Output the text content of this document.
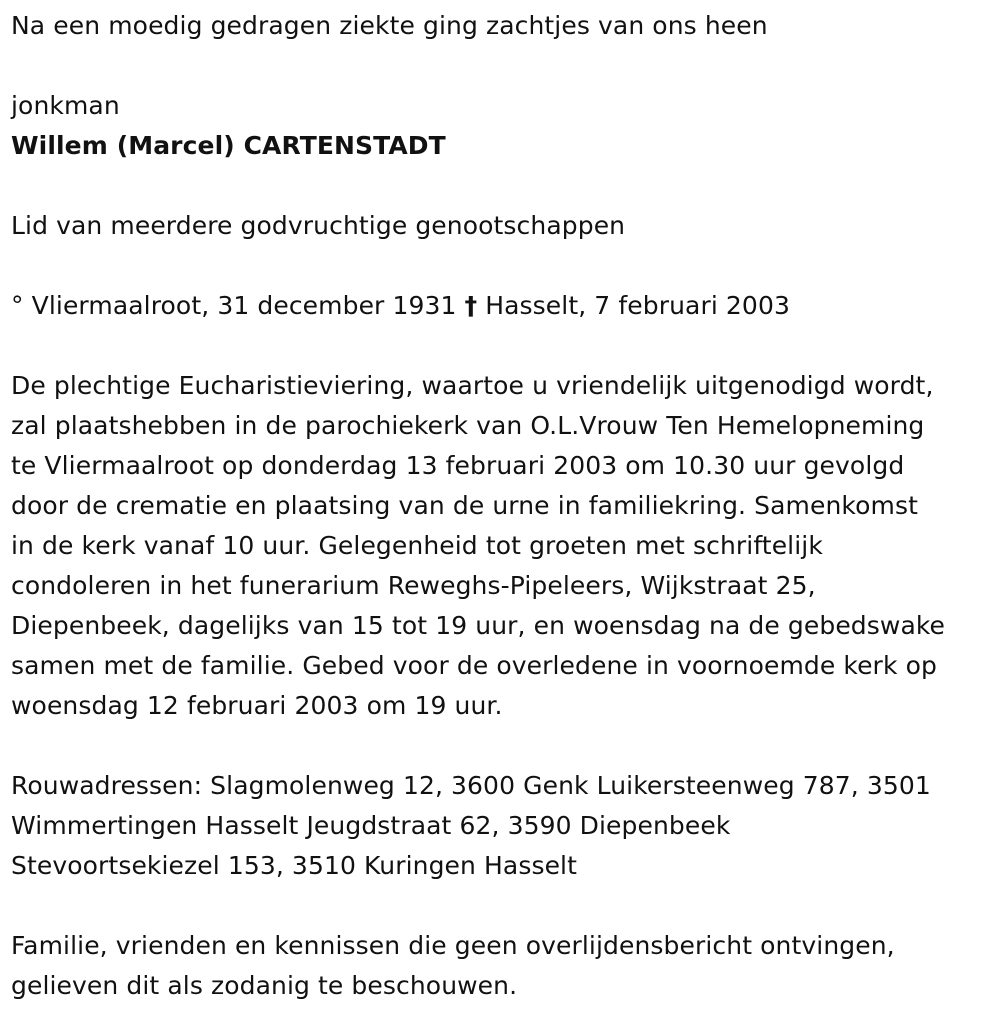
Na een moedig gedragen ziekte ging zachtjes van ons heen

jonkman

Willem (Marcel) CARTENSTADT

Lid van meerdere godvruchtige genootschappen

° Vliermaalroot, 31 december 1931 † Hasselt, 7 februari 2003

De plechtige Eucharistieviering, waartoe u vriendelijk uitgenodigd wordt,

zal plaatshebben in de parochiekerk van O.L.Vrouw Ten Hemelopneming

te Vliermaalroot op donderdag 13 februari 2003 om 10.30 uur gevolgd

door de crematie en plaatsing van de urne in familiekring. Samenkomst

in de kerk vanaf 10 uur. Gelegenheid tot groeten met schriftelijk

condoleren in het funerarium Reweghs-Pipeleers, Wijkstraat 25,

Diepenbeek, dagelijks van 15 tot 19 uur, en woensdag na de gebedswake

samen met de familie. Gebed voor de overledene in voornoemde kerk op

woensdag 12 februari 2003 om 19 uur.

Rouwadressen: Slagmolenweg 12, 3600 Genk Luikersteenweg 787, 3501

Wimmertingen Hasselt Jeugdstraat 62, 3590 Diepenbeek

Stevoortsekiezel 153, 3510 Kuringen Hasselt

Familie, vrienden en kennissen die geen overlijdensbericht ontvingen,

gelieven dit als zodanig te beschouwen.
